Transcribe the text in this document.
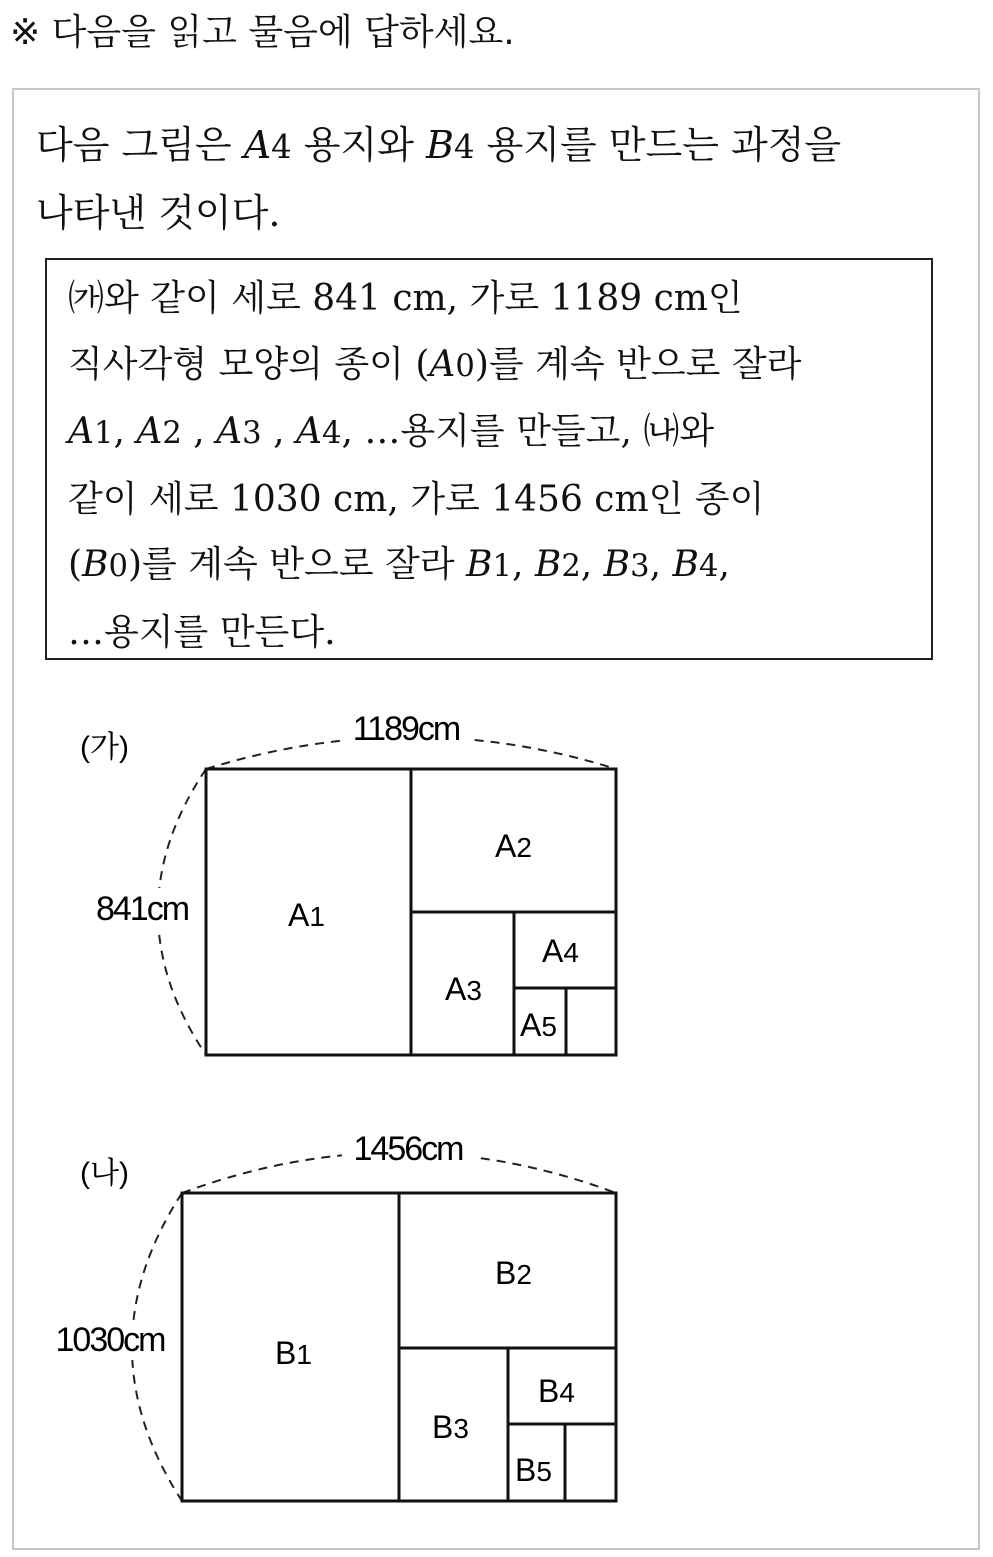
※ 다음을 읽고 물음에 답하세요.
다음 그림은 A4 용지와 B4 용지를 만드는 과정을
나타낸 것이다.
㈎와 같이 세로 841 cm, 가로 1189 cm인
직사각형 모양의 종이 (A0)를 계속 반으로 잘라
A1, A2 , A3 , A4, …용지를 만들고, ㈏와
같이 세로 1030 cm, 가로 1456 cm인 종이
(B0)를 계속 반으로 잘라 B1, B2, B3, B4,
…용지를 만든다.
(가)	1189cm
841cm	A1
A2
A3
A4
A5
(나)
1456cm
1030cm	B1
B2
B3
B4
B5
